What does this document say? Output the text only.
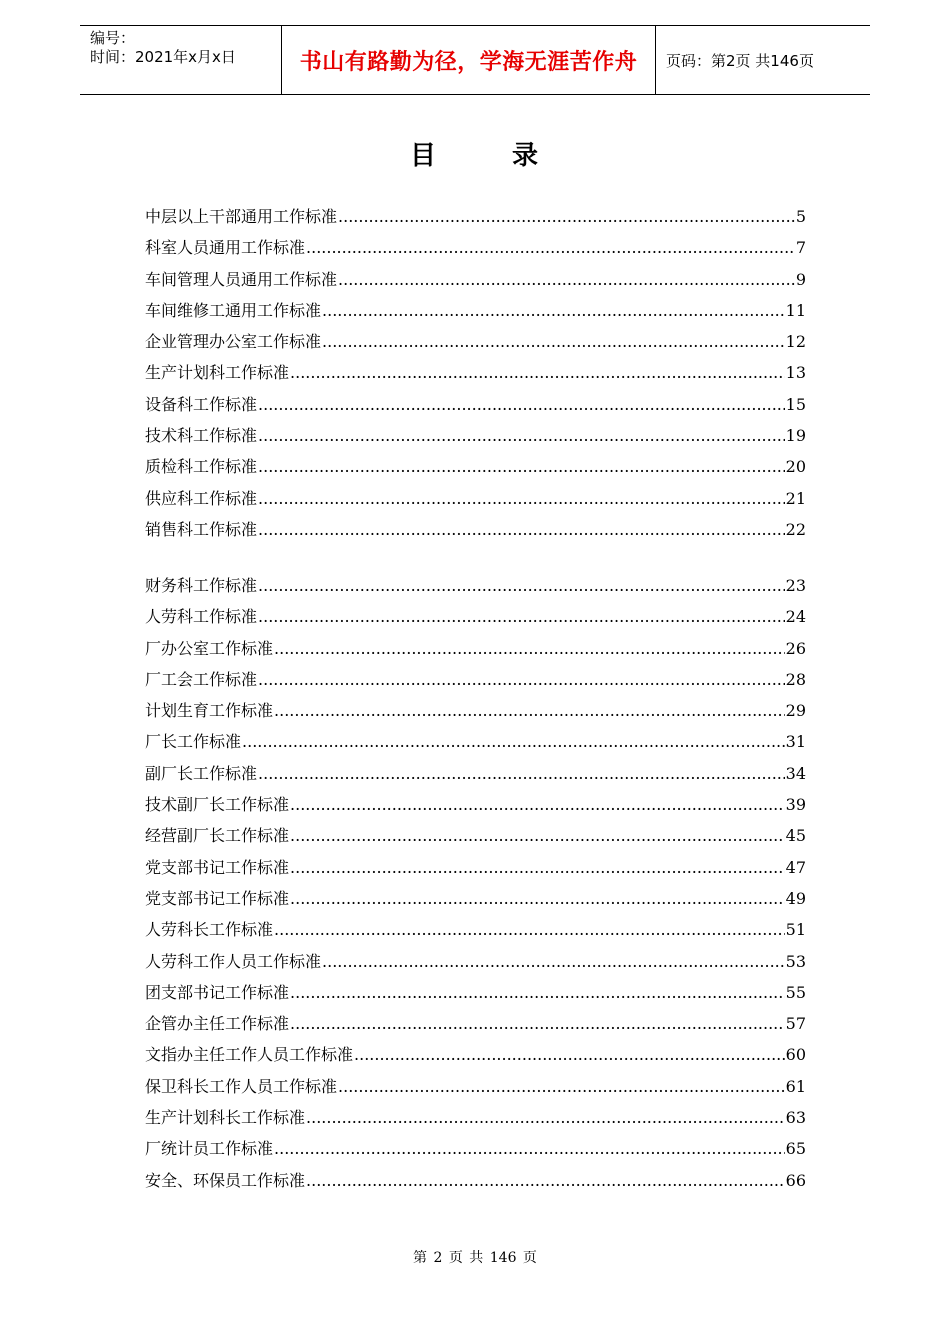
编号：
时间：2021年x月x日	书山有路勤为径，学海无涯苦作舟 页码：第2页 共146页
目	录
中层以上干部通用工作标准 .....	5
科室人员通用工作标准 .....	7
车间管理人员通用工作标准 .....	9
车间维修工通用工作标准 .....	11
企业管理办公室工作标准 .....	12
生产计划科工作标准 .....	13
设备科工作标准 .....	15
技术科工作标准 .....	19
质检科工作标准 .....	20
供应科工作标准 .....	21
销售科工作标准 .....	22
财务科工作标准 .....	23
人劳科工作标准 .....	24
厂办公室工作标准 .....	26
厂工会工作标准 .....	28
计划生育工作标准 .....	29
厂长工作标准 .....	31
副厂长工作标准 .....	34
技术副厂长工作标准 .....	39
经营副厂长工作标准 .....	45
党支部书记工作标准 .....	47
党支部书记工作标准 .....	49
人劳科长工作标准 .....	51
人劳科工作人员工作标准 .....	53
团支部书记工作标准 .....	55
企管办主任工作标准 .....	57
文指办主任工作人员工作标准 .....	60
保卫科长工作人员工作标准 .....	61
生产计划科长工作标准 .....	63
厂统计员工作标准 .....	65
安全、环保员工作标准 .....	66
第 2 页 共 146 页
